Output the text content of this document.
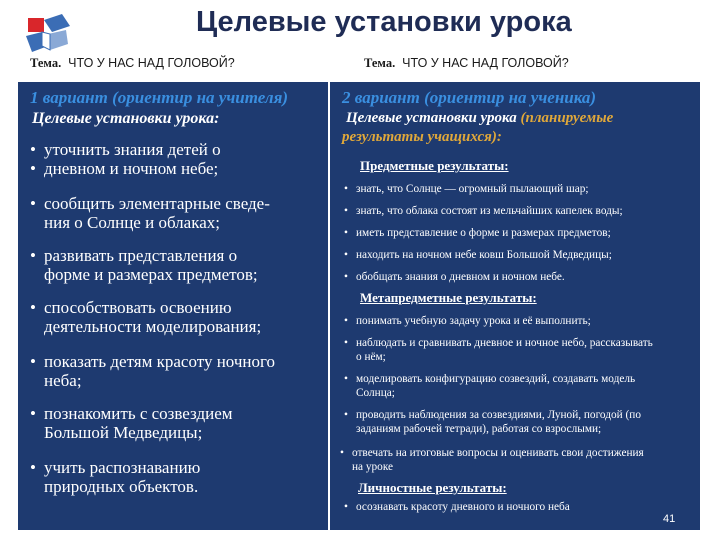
Целевые установки урока
Тема. ЧТО У НАС НАД ГОЛОВОЙ?	Тема. ЧТО У НАС НАД ГОЛОВОЙ?
1 вариант (ориентир на учителя)
Целевые установки урока:
•
•
уточнить знания детей о
дневном и ночном небе;
• сообщить элементарные сведе-
ния о Солнце и облаках;
• развивать представления о
форме и размерах предметов;
• способствовать освоению
деятельности моделирования;
• показать детям красоту ночного
неба;
• познакомить с созвездием
Большой Медведицы;
• учить распознаванию
природных объектов.
2 вариант (ориентир на ученика)
Целевые установки урока (планируемые
результаты учащихся):
Предметные результаты:
• знать, что Солнце — огромный пылающий шар;
• знать, что облака состоят из мельчайших капелек воды;
• иметь представление о форме и размерах предметов;
• находить на ночном небе ковш Большой Медведицы;
• обобщать знания о дневном и ночном небе.
Метапредметные результаты:
• понимать учебную задачу урока и её выполнить;
• наблюдать и сравнивать дневное и ночное небо, рассказывать
о нём;
• моделировать конфигурацию созвездий, создавать модель
Солнца;
• проводить наблюдения за созвездиями, Луной, погодой (по
заданиям рабочей тетради), работая со взрослыми;
• отвечать на итоговые вопросы и оценивать свои достижения
на уроке
Личностные результаты:
• осознавать красоту дневного и ночного неба
41
